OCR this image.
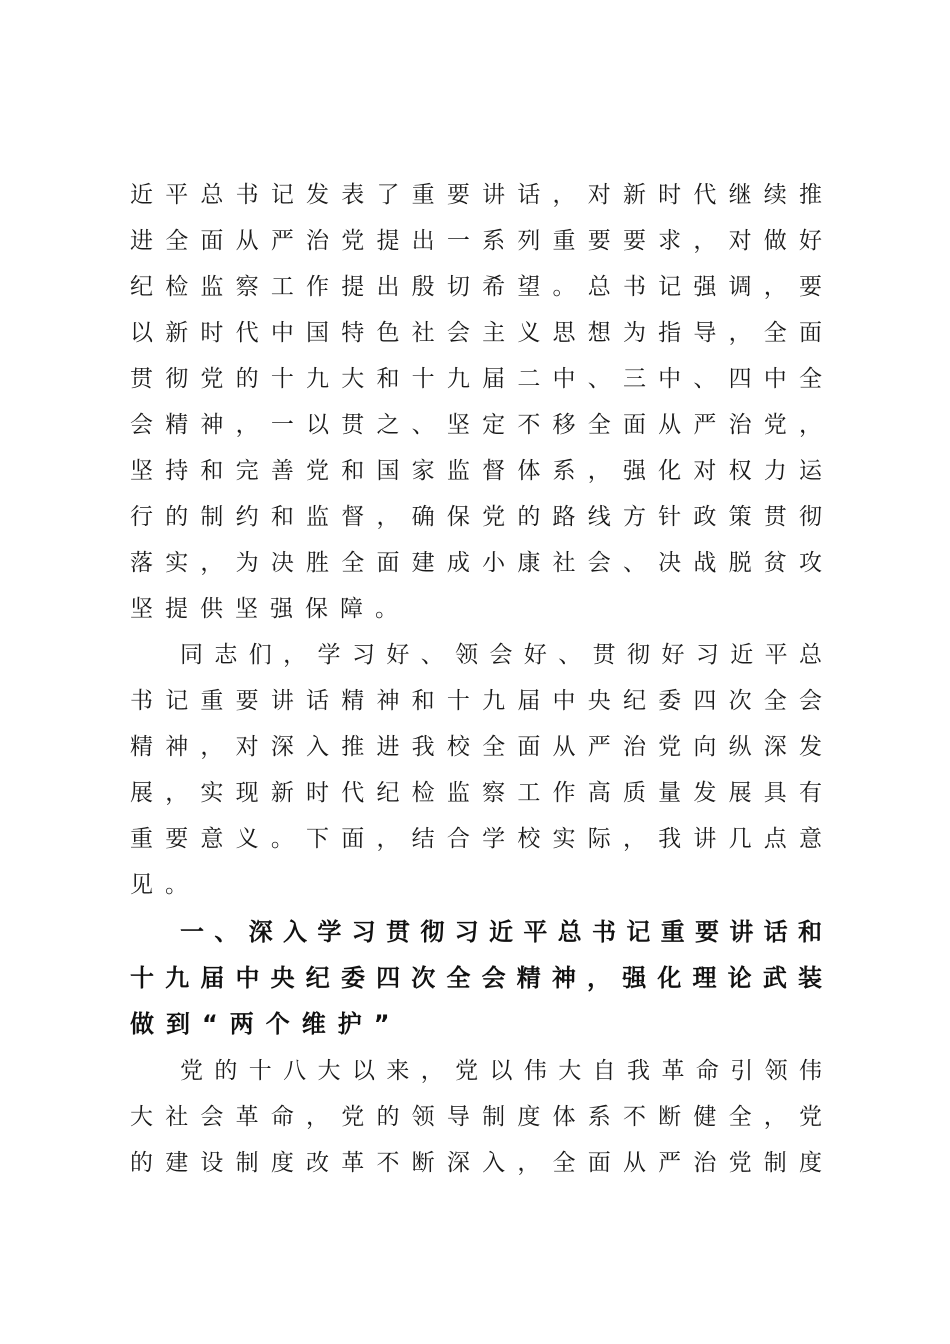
近平总书记发表了重要讲话，对新时代继续推
进全面从严治党提出一系列重要要求，对做好
纪检监察工作提出殷切希望。总书记强调，要
以新时代中国特色社会主义思想为指导，全面
贯彻党的十九大和十九届二中、三中、四中全
会精神，一以贯之、坚定不移全面从严治党，
坚持和完善党和国家监督体系，强化对权力运
行的制约和监督，确保党的路线方针政策贯彻
落实，为决胜全面建成小康社会、决战脱贫攻
坚提供坚强保障。
同志们，学习好、领会好、贯彻好习近平总
书记重要讲话精神和十九届中央纪委四次全会
精神，对深入推进我校全面从严治党向纵深发
展，实现新时代纪检监察工作高质量发展具有
重要意义。下面，结合学校实际，我讲几点意
见。
一、深入学习贯彻习近平总书记重要讲话和
十九届中央纪委四次全会精神，强化理论武装
做到“两个维护”
党的十八大以来，党以伟大自我革命引领伟
大社会革命，党的领导制度体系不断健全，党
的建设制度改革不断深入，全面从严治党制度
